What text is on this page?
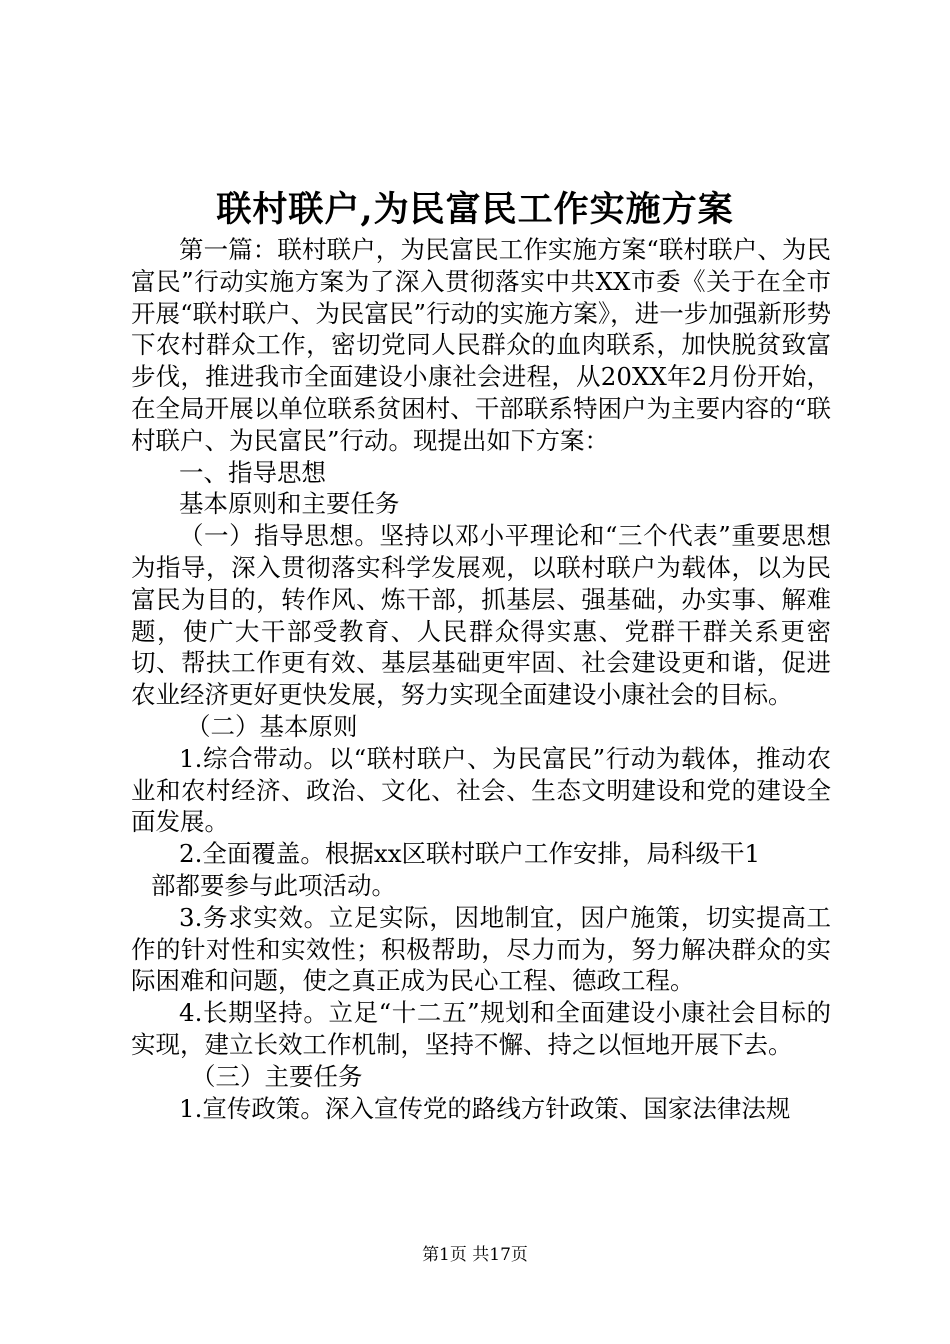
联村联户,为民富民工作实施方案

第一篇：联村联户，为民富民工作实施方案“联村联户、为民富民”行动实施方案为了深入贯彻落实中共XX市委《关于在全市开展“联村联户、为民富民”行动的实施方案》，进一步加强新形势下农村群众工作，密切党同人民群众的血肉联系，加快脱贫致富步伐，推进我市全面建设小康社会进程，从20XX年2月份开始，在全局开展以单位联系贫困村、干部联系特困户为主要内容的“联村联户、为民富民”行动。现提出如下方案：

一、指导思想

基本原则和主要任务

（一）指导思想。坚持以邓小平理论和“三个代表”重要思想为指导，深入贯彻落实科学发展观，以联村联户为载体，以为民富民为目的，转作风、炼干部，抓基层、强基础，办实事、解难题，使广大干部受教育、人民群众得实惠、党群干群关系更密切、帮扶工作更有效、基层基础更牢固、社会建设更和谐，促进农业经济更好更快发展，努力实现全面建设小康社会的目标。

（二）基本原则

1.综合带动。以“联村联户、为民富民”行动为载体，推动农业和农村经济、政治、文化、社会、生态文明建设和党的建设全面发展。

2.全面覆盖。根据xx区联村联户工作安排，局科级干1

部都要参与此项活动。

3.务求实效。立足实际，因地制宜，因户施策，切实提高工作的针对性和实效性；积极帮助，尽力而为，努力解决群众的实际困难和问题，使之真正成为民心工程、德政工程。

4.长期坚持。立足“十二五”规划和全面建设小康社会目标的实现，建立长效工作机制，坚持不懈、持之以恒地开展下去。

（三）主要任务

1.宣传政策。深入宣传党的路线方针政策、国家法律法规

第1页 共17页
